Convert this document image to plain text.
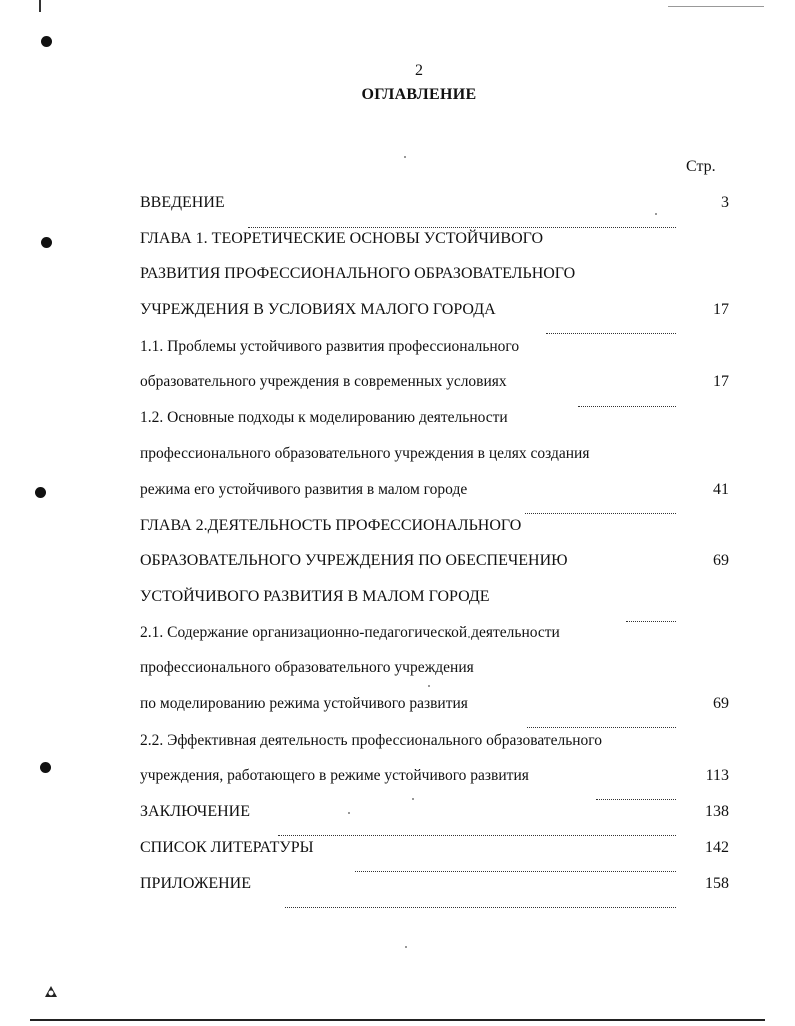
2
ОГЛАВЛЕНИЕ
Стр.
ВВЕДЕНИЕ	3
ГЛАВА 1. ТЕОРЕТИЧЕСКИЕ ОСНОВЫ УСТОЙЧИВОГО
РАЗВИТИЯ ПРОФЕССИОНАЛЬНОГО ОБРАЗОВАТЕЛЬНОГО
УЧРЕЖДЕНИЯ В УСЛОВИЯХ МАЛОГО ГОРОДА	17
1.1. Проблемы устойчивого развития профессионального
образовательного учреждения в современных условиях	17
1.2. Основные подходы к моделированию деятельности
профессионального образовательного учреждения в целях создания
режима его устойчивого развития в малом городе	41
ГЛАВА 2.ДЕЯТЕЛЬНОСТЬ ПРОФЕССИОНАЛЬНОГО
ОБРАЗОВАТЕЛЬНОГО УЧРЕЖДЕНИЯ ПО ОБЕСПЕЧЕНИЮ	69
УСТОЙЧИВОГО РАЗВИТИЯ В МАЛОМ ГОРОДЕ
2.1. Содержание организационно-педагогической деятельности
профессионального образовательного учреждения
по моделированию режима устойчивого развития	69
2.2. Эффективная деятельность профессионального образовательного
учреждения, работающего в режиме устойчивого развития	113
ЗАКЛЮЧЕНИЕ	138
СПИСОК ЛИТЕРАТУРЫ	142
ПРИЛОЖЕНИЕ	158
